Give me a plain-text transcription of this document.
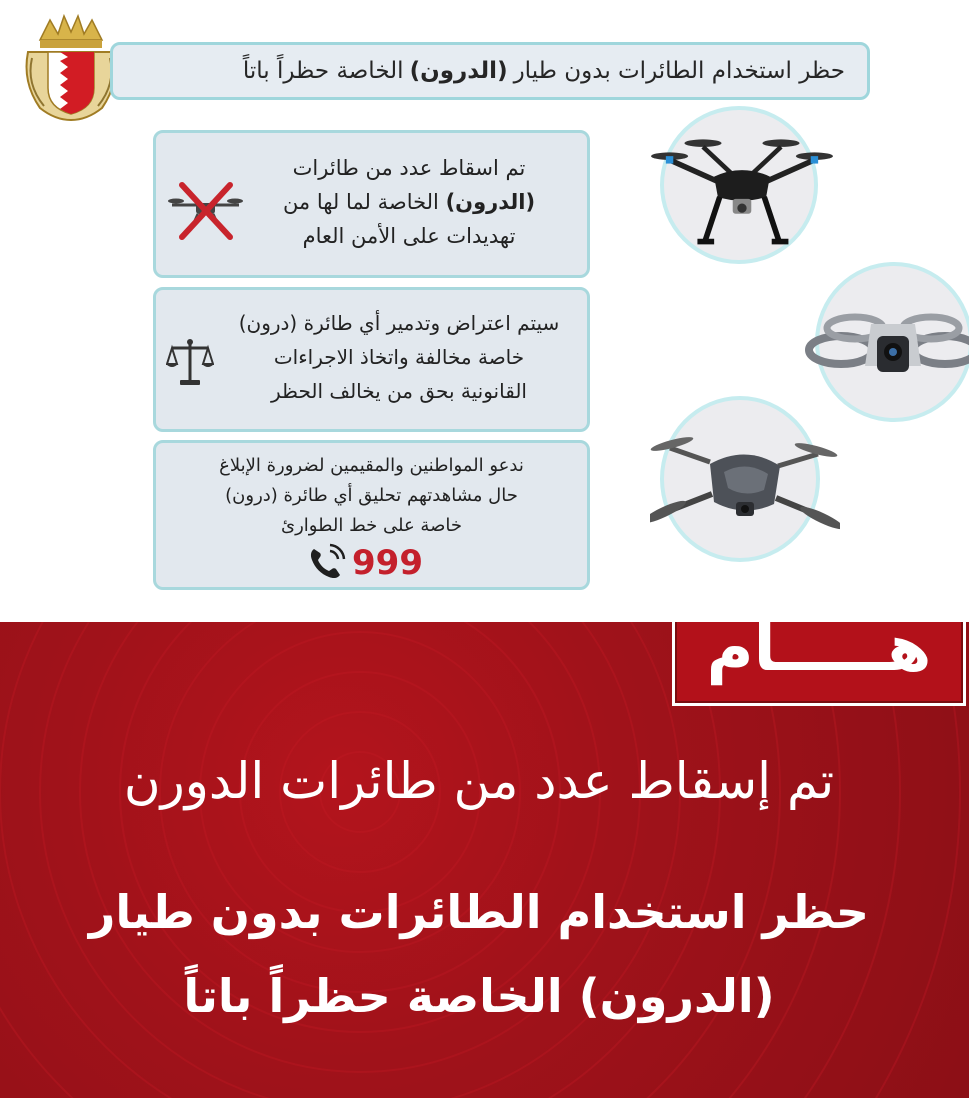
حظر استخدام الطائرات بدون طيار
(الدرون)
الخاصة حظراً باتاً
تم اسقاط عدد من طائرات
(الدرون) الخاصة لما لها من
تهديدات على الأمن العام
سيتم اعتراض وتدمير أي طائرة (درون)
خاصة مخالفة واتخاذ الاجراءات
القانونية بحق من يخالف الحظر
ندعو المواطنين والمقيمين لضرورة الإبلاغ
حال مشاهدتهم تحليق أي طائرة (درون)
خاصة على خط الطوارئ
999
هـــــام
تم إسقاط عدد من طائرات الدورن
حظر استخدام الطائرات بدون طيار
(الدرون) الخاصة حظراً باتاً
